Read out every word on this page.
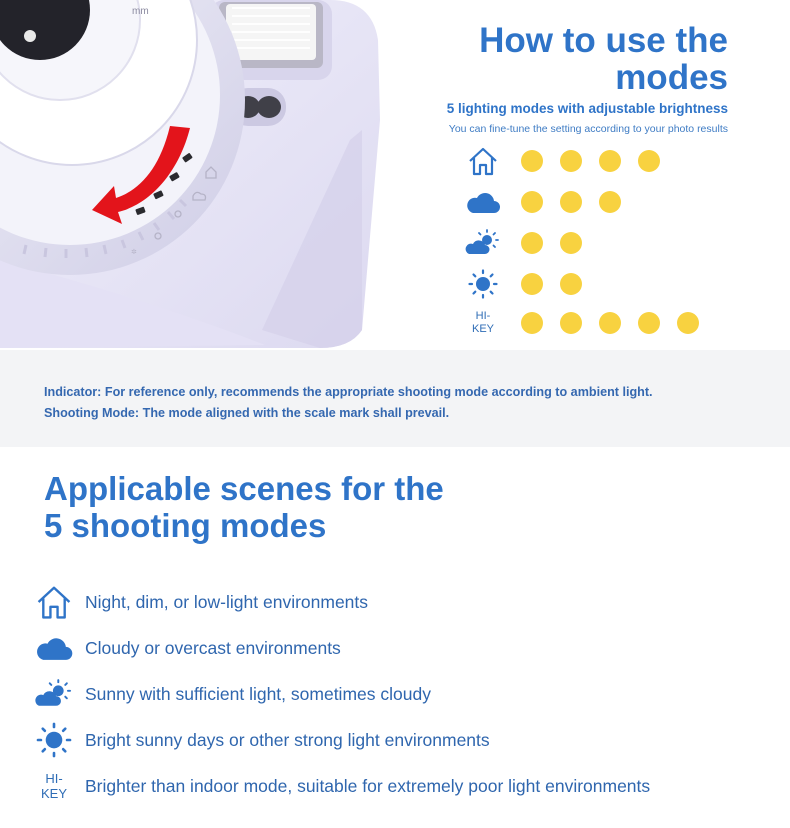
mm
✲
How to use the
modes
5 lighting modes with adjustable brightness
You can fine-tune the setting according to your photo results
HI-
KEY
Indicator: For reference only, recommends the appropriate shooting mode according to ambient light.
Shooting Mode: The mode aligned with the scale mark shall prevail.
Applicable scenes for the
5 shooting modes
Night, dim, or low-light environments
Cloudy or overcast environments
Sunny with sufficient light, sometimes cloudy
Bright sunny days or other strong light environments
HI-
KEY Brighter than indoor mode, suitable for extremely poor light environments
